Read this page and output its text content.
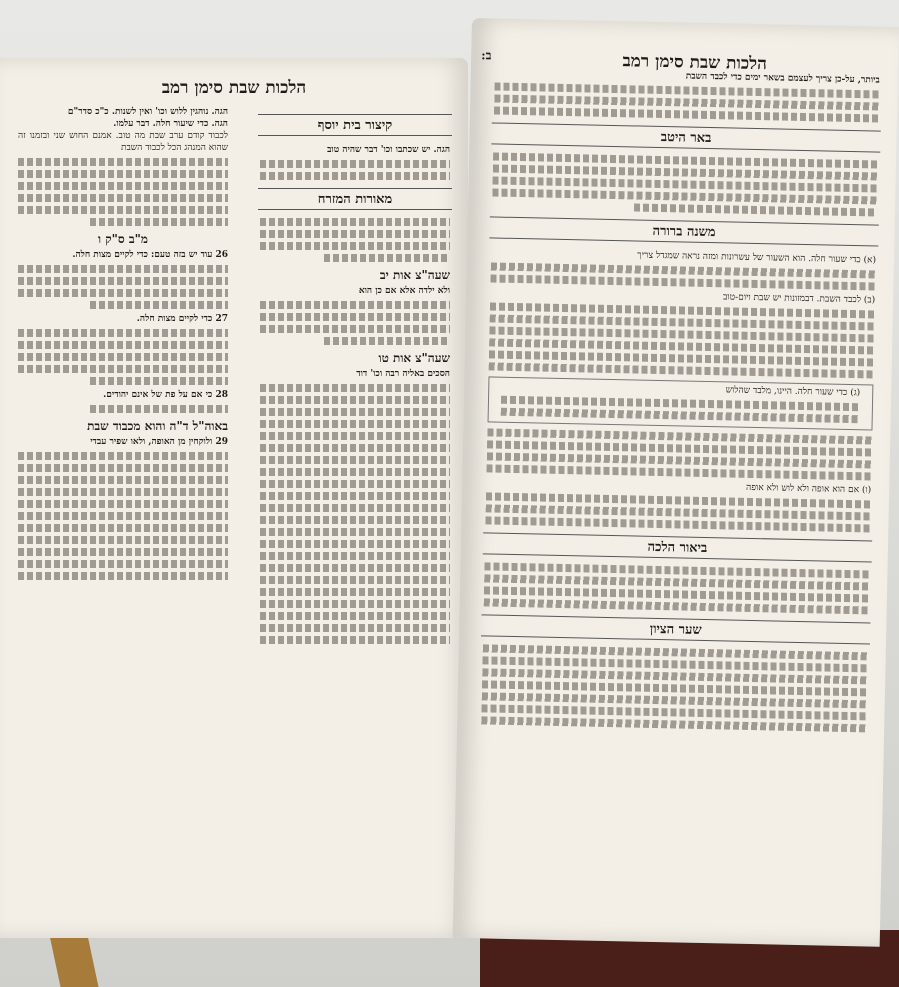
הלכות שבת סימן רמב
קיצור בית יוסף
הגה. יש שכתבו וכו' דבר שהיה טוב
מאורות המזרח
שעה"צ אות יב
ולא ילדה אלא אם כן הוא
שעה"צ אות טו
הסכים באליה רבה וכו' דוד
הגה. נוהגין ללוש וכו' ואין לשנות. כ"כ סדר"ם
הגה. כדי שיעור חלה. דבר עלמו.
לכבוד קודם ערב שבת מה טוב. אמנם החוש שני ובזמנו זה שהוא המנהג הכל לכבוד השבת
מ"ב ס"ק ו
26 עוד יש בזה טעם: כדי לקיים מצות חלה.
27 כדי לקיים מצות חלה.
28 כי אם על פת של אינם יהודים.
באוה"ל ד"ה והוא מכבוד שבת
29 ולוקחין מן האופה, ולאו שפיר עבדי
ב:	הלכות שבת סימן רמב
ביותר, על-כן צריך לעצמם בשאר ימים כדי לכבד השבת
באר היטב
משנה ברורה
(א) כדי שעור חלה. הוא השעור של עשרונות ומזה נראה שמגדל צריך
(ב) לכבד השבת. דבמזונות יש שבת ויום-טוב
(ג) כדי שעור חלה. היינו, מלבד שהלוש
(ו) אם הוא אופה ולא לוש ולא אופה
ביאור הלכה
שער הציון
